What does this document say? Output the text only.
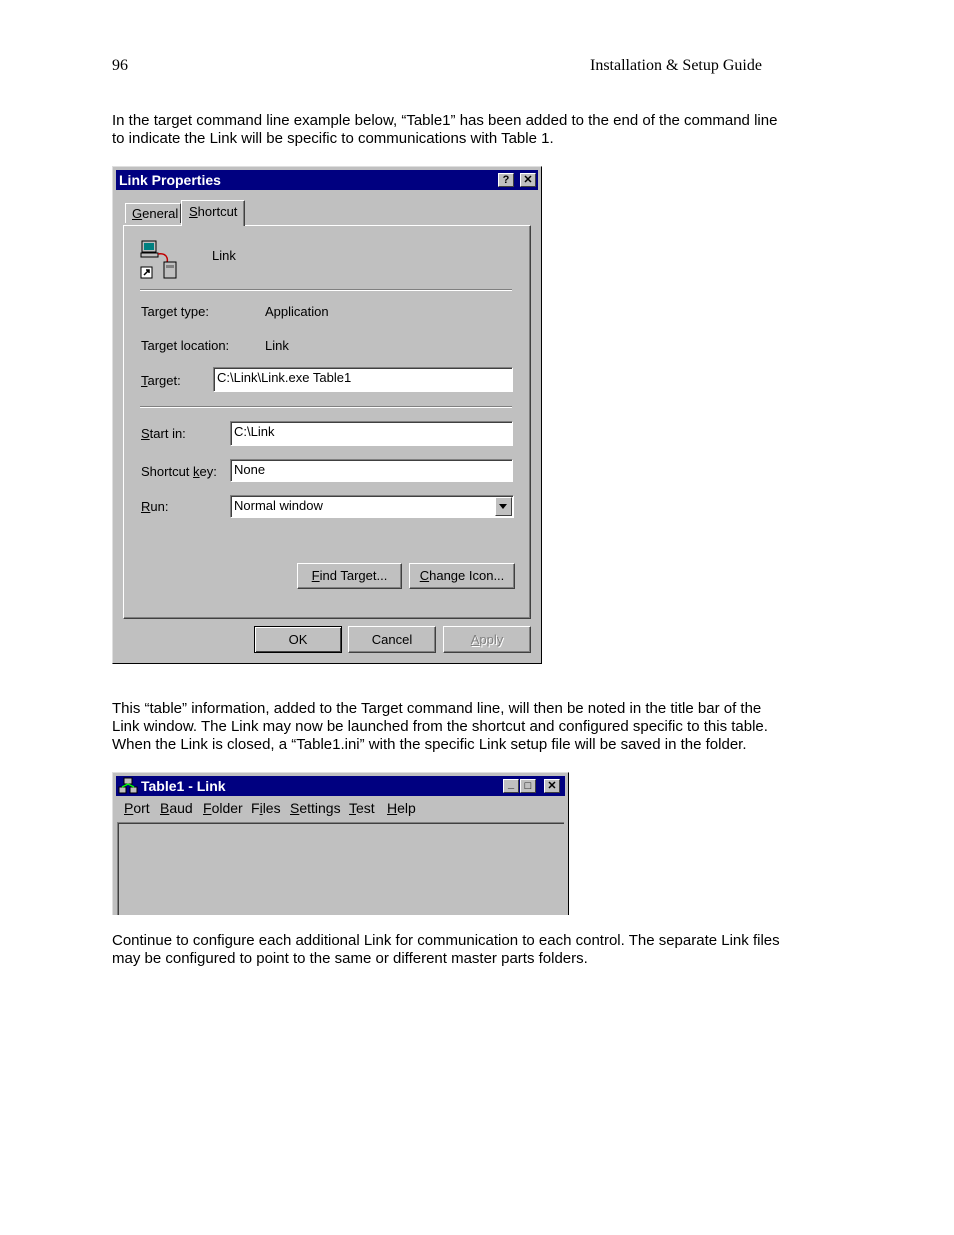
96	Installation & Setup Guide
In the target command line example below, “Table1” has been added to the end of the command line
to indicate the Link will be specific to communications with Table 1.
Link Properties	?	✕
General Shortcut
Link
Target type:	Application
Target location:	Link
Target:	C:\Link\Link.exe Table1
Start in:	C:\Link
Shortcut key:	None
Run:	Normal window
Find Target...	Change Icon...
OK	Cancel	Apply
This “table” information, added to the Target command line, will then be noted in the title bar of the
Link window. The Link may now be launched from the shortcut and configured specific to this table.
When the Link is closed, a “Table1.ini” with the specific Link setup file will be saved in the folder.
Table1 - Link	_ □	✕
Port Baud Folder Files Settings Test Help
Continue to configure each additional Link for communication to each control. The separate Link files
may be configured to point to the same or different master parts folders.
